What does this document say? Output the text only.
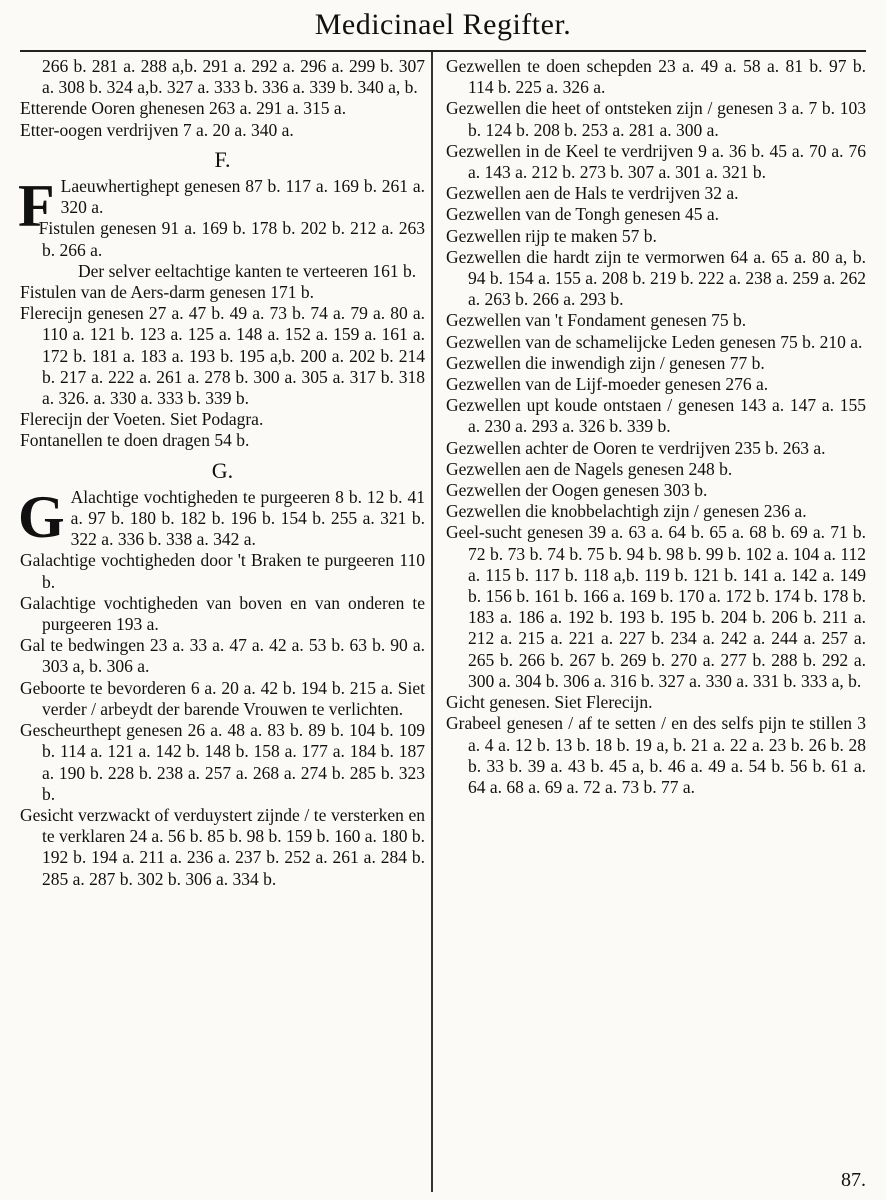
Medicinael Regifter.

266 b. 281 a. 288 a,b. 291 a. 292 a. 296 a. 299 b. 307 a. 308 b. 324 a,b. 327 a. 333 b. 336 a. 339 b. 340 a, b.

Etterende Ooren ghenesen 263 a. 291 a. 315 a.

Etter-oogen verdrijven 7 a. 20 a. 340 a.

F.

F Laeuwhertighept genesen 87 b. 117 a. 169 b. 261 a. 320 a.

Fistulen genesen 91 a. 169 b. 178 b. 202 b. 212 a. 263 b. 266 a.

Der selver eeltachtige kanten te verteeren 161 b.

Fistulen van de Aers-darm genesen 171 b.

Flerecijn genesen 27 a. 47 b. 49 a. 73 b. 74 a. 79 a. 80 a. 110 a. 121 b. 123 a. 125 a. 148 a. 152 a. 159 a. 161 a. 172 b. 181 a. 183 a. 193 b. 195 a,b. 200 a. 202 b. 214 b. 217 a. 222 a. 261 a. 278 b. 300 a. 305 a. 317 b. 318 a. 326. a. 330 a. 333 b. 339 b.

Flerecijn der Voeten. Siet Podagra.

Fontanellen te doen dragen 54 b.

G.

G Alachtige vochtigheden te purgeeren 8 b. 12 b. 41 a. 97 b. 180 b. 182 b. 196 b. 154 b. 255 a. 321 b. 322 a. 336 b. 338 a. 342 a.

Galachtige vochtigheden door 't Braken te purgeeren 110 b.

Galachtige vochtigheden van boven en van onderen te purgeeren 193 a.

Gal te bedwingen 23 a. 33 a. 47 a. 42 a. 53 b. 63 b. 90 a. 303 a, b. 306 a.

Geboorte te bevorderen 6 a. 20 a. 42 b. 194 b. 215 a. Siet verder / arbeydt der barende Vrouwen te verlichten.

Gescheurthept genesen 26 a. 48 a. 83 b. 89 b. 104 b. 109 b. 114 a. 121 a. 142 b. 148 b. 158 a. 177 a. 184 b. 187 a. 190 b. 228 b. 238 a. 257 a. 268 a. 274 b. 285 b. 323 b.

Gesicht verzwackt of verduystert zijnde / te versterken en te verklaren 24 a. 56 b. 85 b. 98 b. 159 b. 160 a. 180 b. 192 b. 194 a. 211 a. 236 a. 237 b. 252 a. 261 a. 284 b. 285 a. 287 b. 302 b. 306 a. 334 b.

Gezwellen te doen schepden 23 a. 49 a. 58 a. 81 b. 97 b. 114 b. 225 a. 326 a.

Gezwellen die heet of ontsteken zijn / genesen 3 a. 7 b. 103 b. 124 b. 208 b. 253 a. 281 a. 300 a.

Gezwellen in de Keel te verdrijven 9 a. 36 b. 45 a. 70 a. 76 a. 143 a. 212 b. 273 b. 307 a. 301 a. 321 b.

Gezwellen aen de Hals te verdrijven 32 a.

Gezwellen van de Tongh genesen 45 a.

Gezwellen rijp te maken 57 b.

Gezwellen die hardt zijn te vermorwen 64 a. 65 a. 80 a, b. 94 b. 154 a. 155 a. 208 b. 219 b. 222 a. 238 a. 259 a. 262 a. 263 b. 266 a. 293 b.

Gezwellen van 't Fondament genesen 75 b.

Gezwellen van de schamelijcke Leden genesen 75 b. 210 a.

Gezwellen die inwendigh zijn / genesen 77 b.

Gezwellen van de Lijf-moeder genesen 276 a.

Gezwellen upt koude ontstaen / genesen 143 a. 147 a. 155 a. 230 a. 293 a. 326 b. 339 b.

Gezwellen achter de Ooren te verdrijven 235 b. 263 a.

Gezwellen aen de Nagels genesen 248 b.

Gezwellen der Oogen genesen 303 b.

Gezwellen die knobbelachtigh zijn / genesen 236 a.

Geel-sucht genesen 39 a. 63 a. 64 b. 65 a. 68 b. 69 a. 71 b. 72 b. 73 b. 74 b. 75 b. 94 b. 98 b. 99 b. 102 a. 104 a. 112 a. 115 b. 117 b. 118 a,b. 119 b. 121 b. 141 a. 142 a. 149 b. 156 b. 161 b. 166 a. 169 b. 170 a. 172 b. 174 b. 178 b. 183 a. 186 a. 192 b. 193 b. 195 b. 204 b. 206 b. 211 a. 212 a. 215 a. 221 a. 227 b. 234 a. 242 a. 244 a. 257 a. 265 b. 266 b. 267 b. 269 b. 270 a. 277 b. 288 b. 292 a. 300 a. 304 b. 306 a. 316 b. 327 a. 330 a. 331 b. 333 a, b.

Gicht genesen. Siet Flerecijn.

Grabeel genesen / af te setten / en des selfs pijn te stillen 3 a. 4 a. 12 b. 13 b. 18 b. 19 a, b. 21 a. 22 a. 23 b. 26 b. 28 b. 33 b. 39 a. 43 b. 45 a, b. 46 a. 49 a. 54 b. 56 b. 61 a. 64 a. 68 a. 69 a. 72 a. 73 b. 77 a.

87.
